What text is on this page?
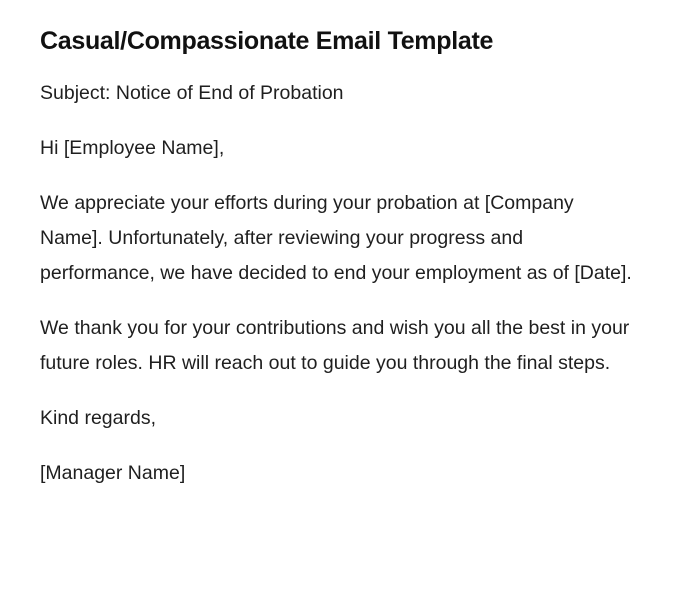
Casual/Compassionate Email Template

Subject: Notice of End of Probation

Hi [Employee Name],

We appreciate your efforts during your probation at [Company Name]. Unfortunately, after reviewing your progress and performance, we have decided to end your employment as of [Date].

We thank you for your contributions and wish you all the best in your future roles. HR will reach out to guide you through the final steps.

Kind regards,

[Manager Name]
